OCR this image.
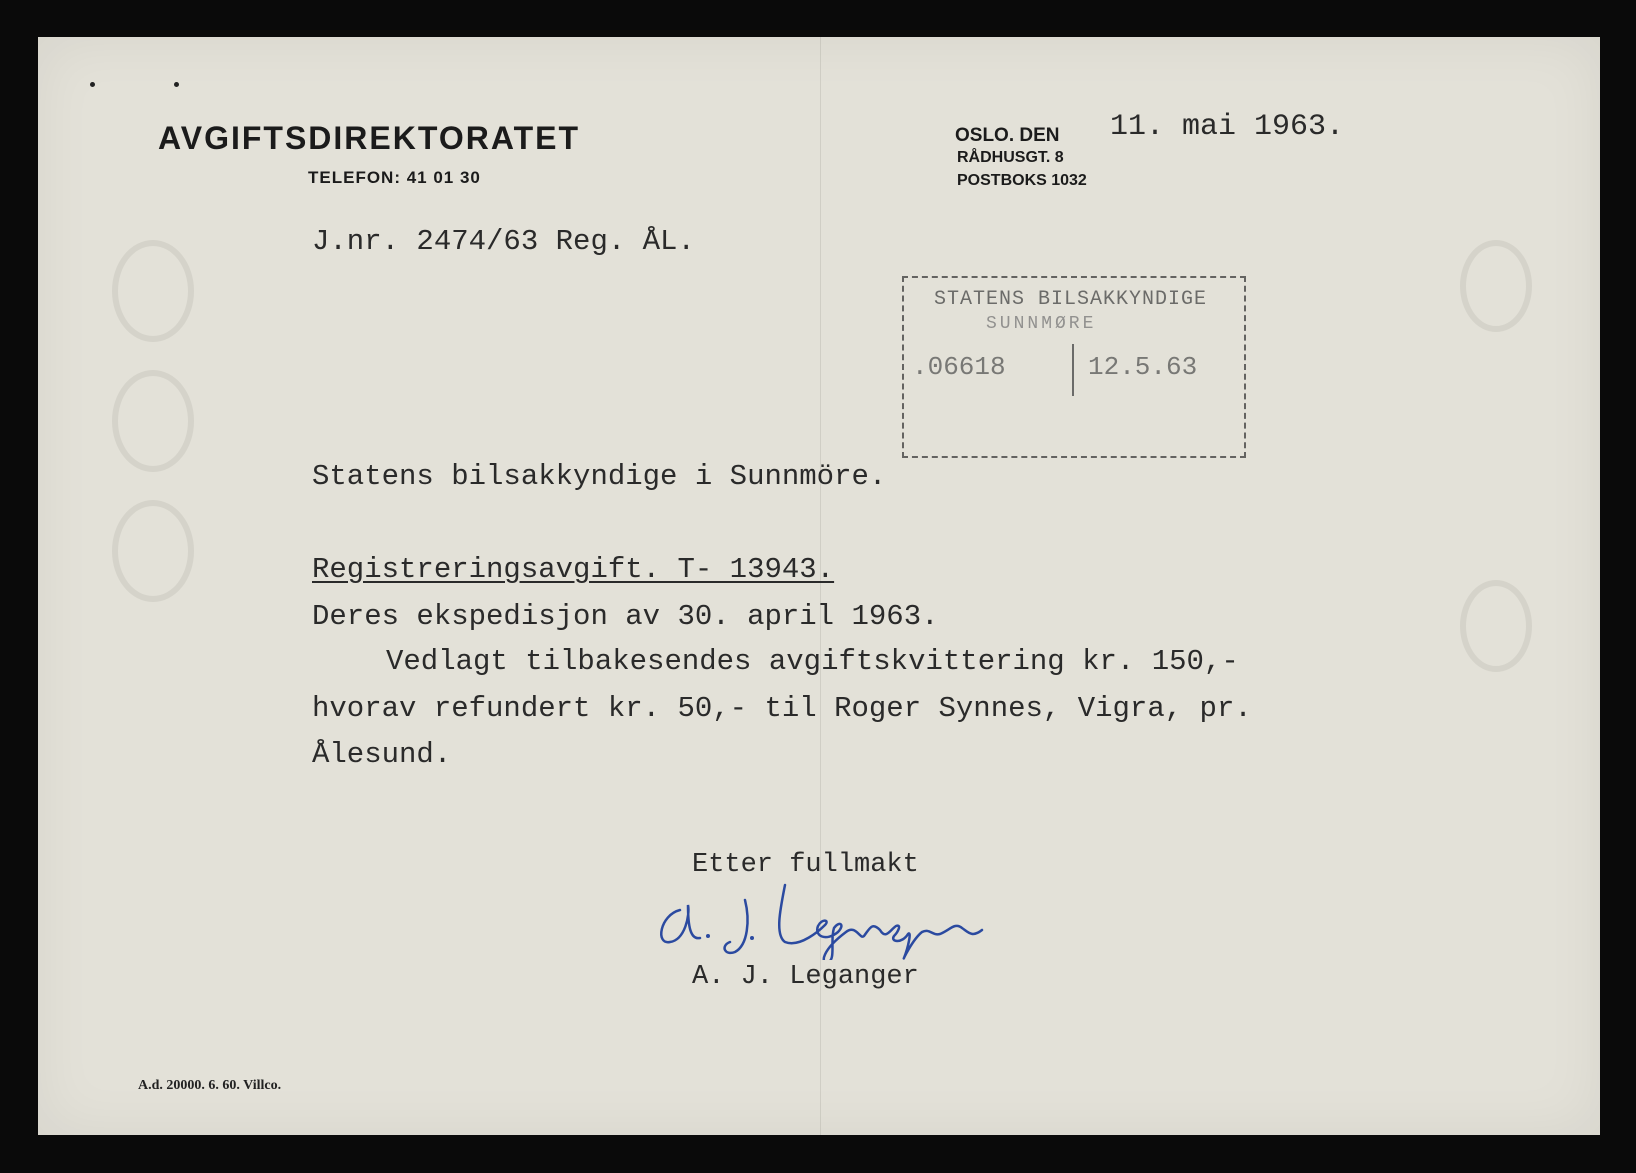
AVGIFTSDIREKTORATET
TELEFON: 41 01 30
OSLO. DEN
RÅDHUSGT. 8
POSTBOKS 1032
11. mai 1963.
J.nr. 2474/63 Reg. ÅL.
STATENS BILSAKKYNDIGE
SUNNMØRE
.06618	12.5.63
Statens bilsakkyndige i Sunnmöre.
Registreringsavgift. T- 13943.
Deres ekspedisjon av 30. april 1963.
Vedlagt tilbakesendes avgiftskvittering kr. 150,-
hvorav refundert kr. 50,- til Roger Synnes, Vigra, pr.
Ålesund.
Etter fullmakt
A. J. Leganger
A.d. 20000. 6. 60. Villco.
